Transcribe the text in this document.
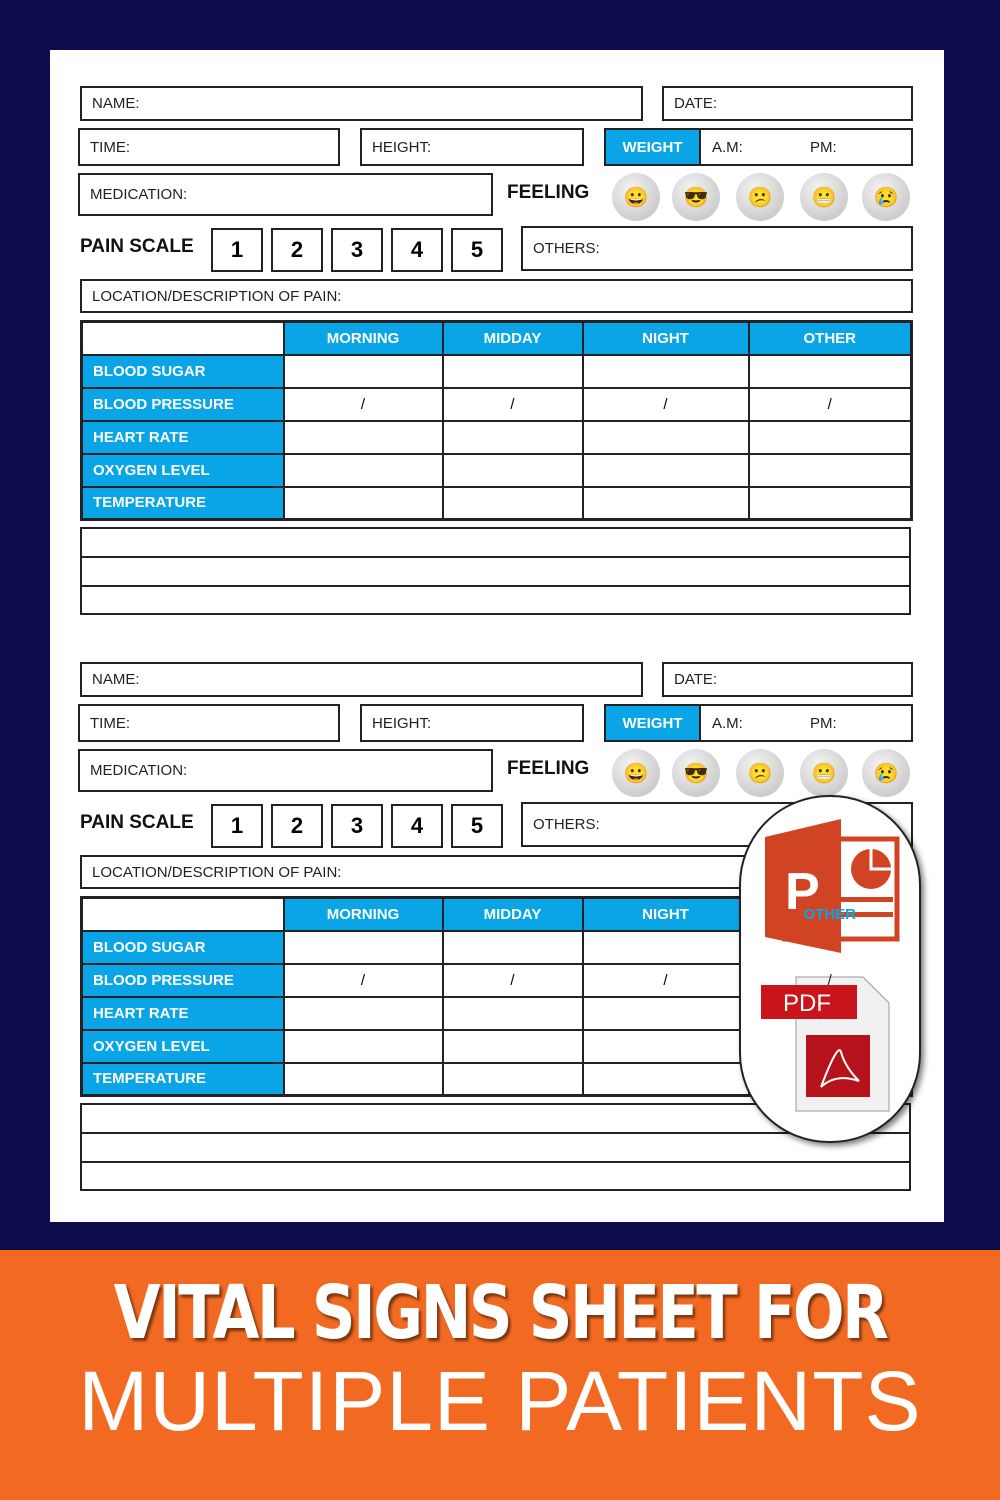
NAME:	DATE:
TIME:	HEIGHT:	A.M:	PM:
WEIGHT
MEDICATION:	FEELING	😀	😎	😕	😬	😢
PAIN SCALE	1	2	3	4	5	OTHERS:
LOCATION/DESCRIPTION OF PAIN:
	MORNING	MIDDAY	NIGHT	OTHER
BLOOD SUGAR				
BLOOD PRESSURE	/	/	/	/
HEART RATE				
OXYGEN LEVEL				
TEMPERATURE				
NAME:	DATE:
TIME:	HEIGHT:	A.M:	PM:
WEIGHT
MEDICATION:	FEELING	😀	😎	😕	😬	😢
PAIN SCALE	1	2	3	4	5	OTHERS:
LOCATION/DESCRIPTION OF PAIN:
	MORNING	MIDDAY	NIGHT	OTHER
BLOOD SUGAR				
BLOOD PRESSURE	/	/	/	/
HEART RATE				
OXYGEN LEVEL				
TEMPERATURE				
P
PDF
VITAL SIGNS SHEET FOR
MULTIPLE PATIENTS
